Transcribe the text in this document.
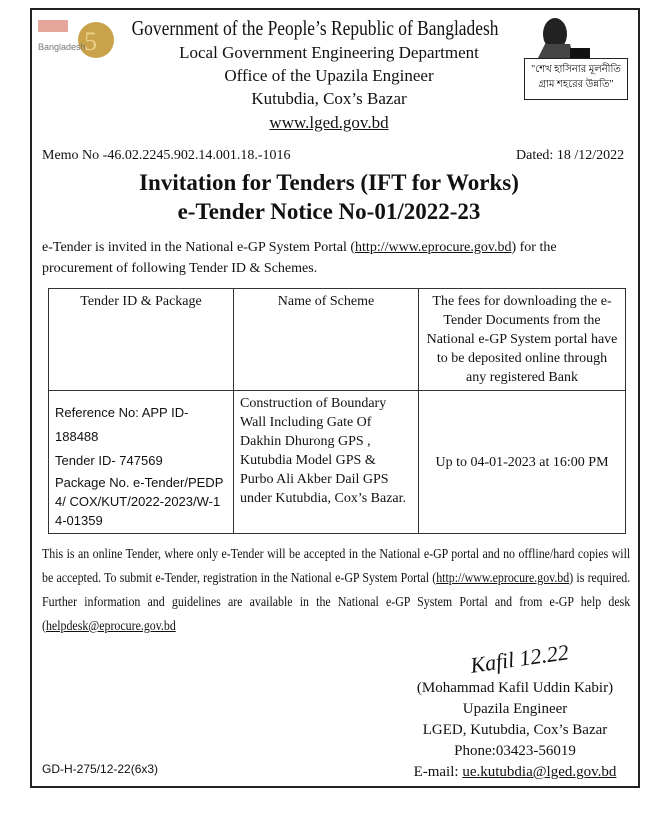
5
Bangladesh
"শেখ হাসিনার মূলনীতি
গ্রাম শহরের উন্নতি"
Government of the People’s Republic of Bangladesh
Local Government Engineering Department
Office of the Upazila Engineer
Kutubdia, Cox’s Bazar
www.lged.gov.bd
Memo No -46.02.2245.902.14.001.18.-1016	Dated: 18 /12/2022
Invitation for Tenders (IFT for Works)
e-Tender Notice No-01/2022-23
e-Tender is invited in the National e-GP System Portal (http://www.eprocure.gov.bd) for the procurement of following Tender ID & Schemes.
Tender ID & Package	Name of Scheme	The fees for downloading the e-Tender Documents from the National e-GP System portal have to be deposited online through any registered Bank

Reference No: APP ID-188488
Tender ID- 747569
Package No. e-Tender/PEDP4/ COX/KUT/2022-2023/W-14-01359	Construction of Boundary Wall Including Gate Of Dakhin Dhurong GPS , Kutubdia Model GPS & Purbo Ali Akber Dail GPS under Kutubdia, Cox’s Bazar.	Up to 04-01-2023 at 16:00 PM
This is an online Tender, where only e-Tender will be accepted in the National e-GP portal and no offline/hard copies will be accepted. To submit e-Tender, registration in the National e-GP System Portal (http://www.eprocure.gov.bd) is required. Further information and guidelines are available in the National e-GP System Portal and from e-GP help desk (helpdesk@eprocure.gov.bd
Kafil 12.22
(Mohammad Kafil Uddin Kabir)
Upazila Engineer
LGED, Kutubdia, Cox’s Bazar
Phone:03423-56019
E-mail: ue.kutubdia@lged.gov.bd
GD-H-275/12-22(6x3)
